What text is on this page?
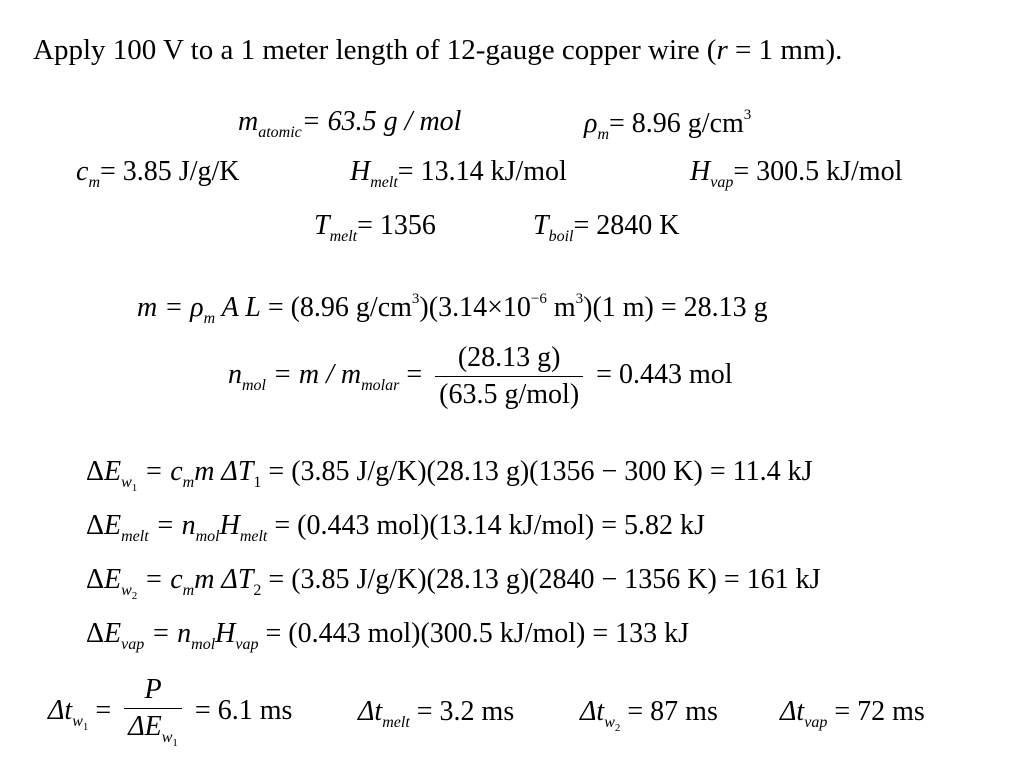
Apply 100 V to a 1 meter length of 12-gauge copper wire (r = 1 mm).
$m_{atomic}= 63.5$ g / mol	$\rho_m= 8.96$ $g/cm^3$
$c_m= 3.85$ J/g/K	$H_{melt}= 13.14$ kJ/mol	$H_{vap}= 300.5$ kJ/mol
$T_{melt}= 1356$	$T_{boil}= 2840$ K
$m = \rho_m$ A L = (8.96 $g/cm^3)(3.14\times 10^{-6}$ $m^3)(1$ m) = 28.13 g
$n_{mol} = m / m_{molar} = \frac{(28.13 g)}{\text{(63.5 g/mol)}} = 0.443$ mol
$\Delta E_{w_1} = c_mm$ $\Delta T_1 = (3.85$ J/g/K)(28.13 g)(1356 − 300 K) = 11.4 kJ
$\Delta E_{melt} = n_{mol}H_{melt} = (0.443$ mol)(13.14 kJ/mol) = 5.82 kJ
$\Delta E_{w_2} = c_mm$ $\Delta T_2 = (3.85$ J/g/K)(28.13 g)(2840 − 1356 K) = 161 kJ
$\Delta E_{vap} = n_{mol}H_{vap} = (0.443$ mol)(300.5 kJ/mol) = 133 kJ
$\Delta t_{w_1} = \frac{P}{\Delta E_{w_1}} = 6.1$ ms $\Delta t_{melt} = 3.2$ ms $\Delta t_{w_2} = 87$ ms $\Delta t_{vap} = 72$ ms
